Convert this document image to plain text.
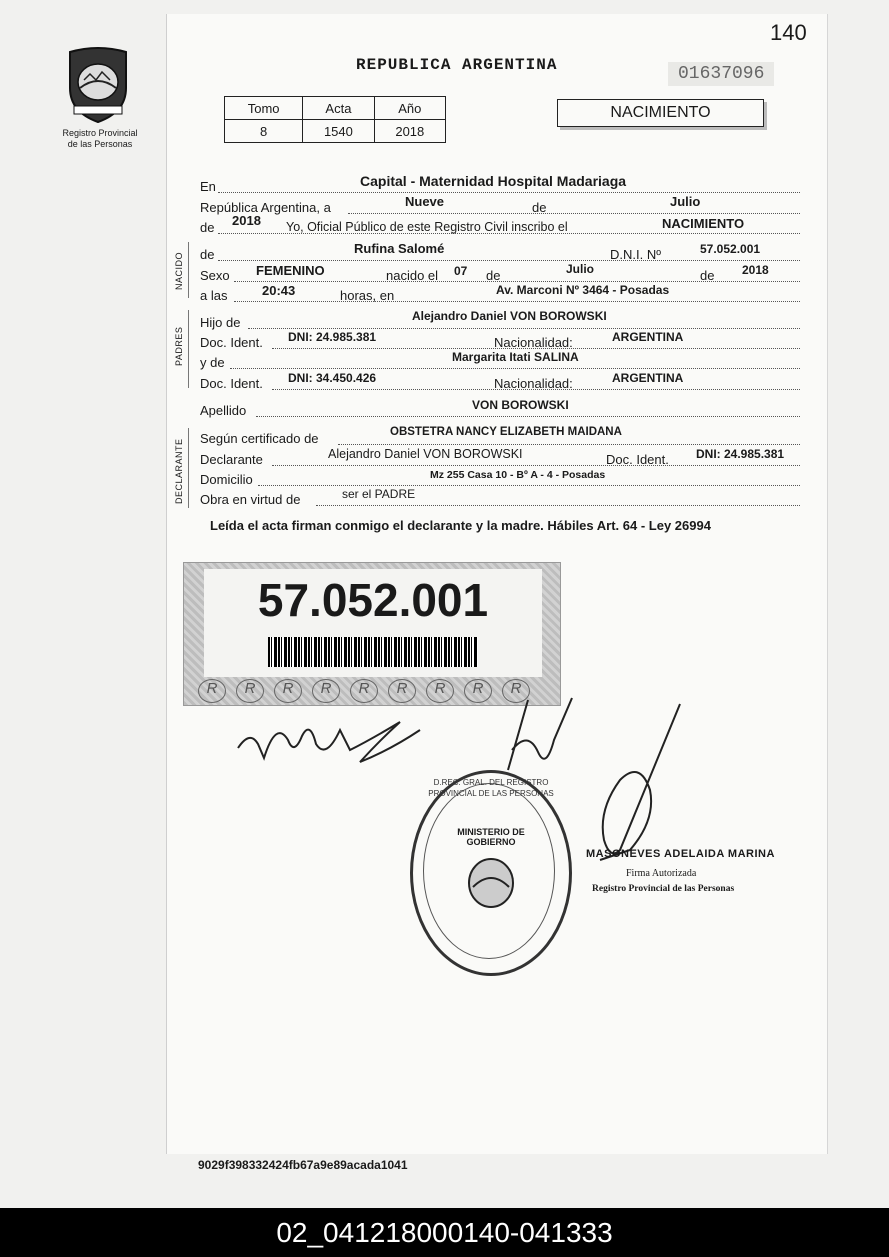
140
Registro Provincial
de las Personas
REPUBLICA ARGENTINA	01637096
Tomo	Acta	Año
8	1540	2018
NACIMIENTO
En	Capital - Maternidad Hospital Madariaga
República Argentina, a	Nueve	de	Julio
de 2018 Yo, Oficial Público de este Registro Civil inscribo el	NACIMIENTO
NACIDO de	Rufina Salomé	D.N.I. Nº	57.052.001
Sexo FEMENINO	nacido el 07 de	Julio	de 2018
a las	20:43	horas, en	Av. Marconi Nº 3464 - Posadas
PADRES
Hijo de	Alejandro Daniel VON BOROWSKI
Doc. Ident. DNI: 24.985.381	Nacionalidad:	ARGENTINA
y de	Margarita Itati SALINA
Doc. Ident. DNI: 34.450.426	Nacionalidad:	ARGENTINA
Apellido	VON BOROWSKI
DECLARANTE Según certificado de	OBSTETRA NANCY ELIZABETH MAIDANA
Declarante	Alejandro Daniel VON BOROWSKI	Doc. Ident. DNI: 24.985.381
Domicilio	Mz 255 Casa 10 - Bº A - 4 - Posadas
Obra en virtud de	ser el PADRE
Leída el acta firman conmigo el declarante y la madre. Hábiles Art. 64 - Ley 26994
57.052.001
R	R	R	R	R	R	R	R	R
D.REC. GRAL. DEL REGISTRO PROVINCIAL DE LAS PERSONAS
MINISTERIO DE GOBIERNO
MASONEVES ADELAIDA MARINA
Firma Autorizada
Registro Provincial de las Personas
9029f398332424fb67a9e89acada1041
02_041218000140-041333
